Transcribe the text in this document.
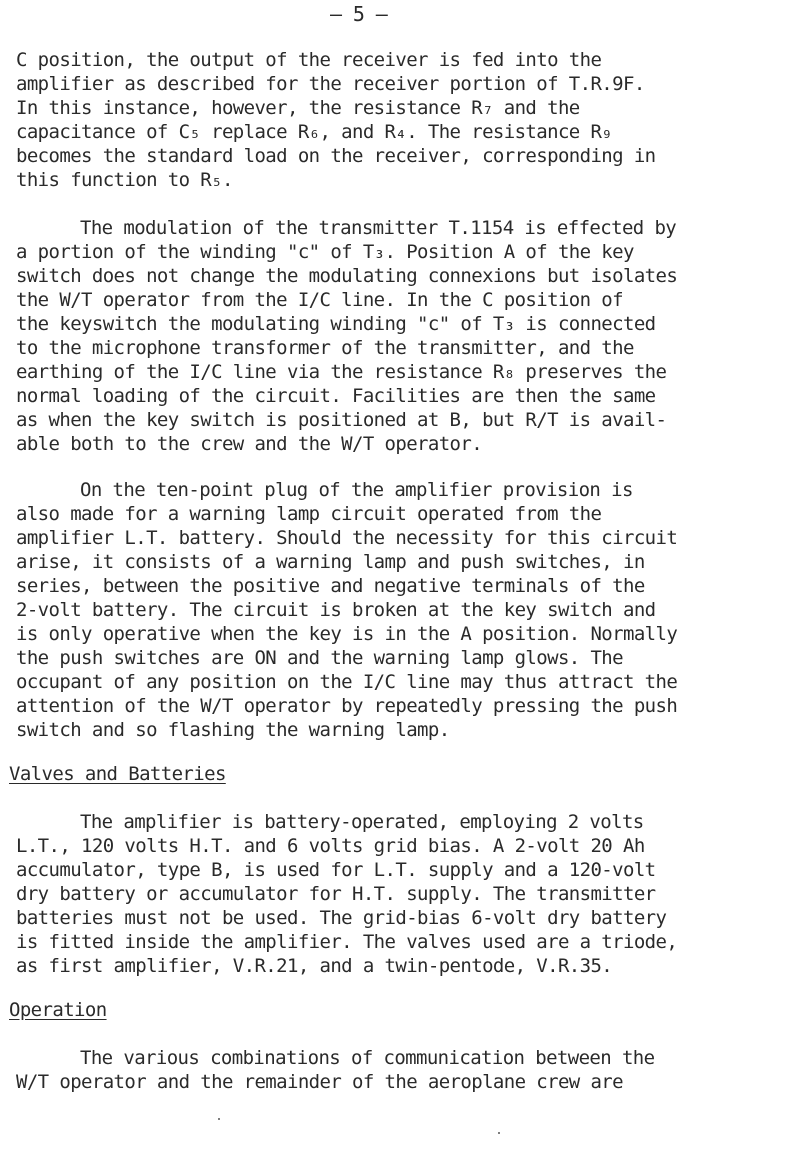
– 5 –
C position, the output of the receiver is fed into the
amplifier as described for the receiver portion of T.R.9F.
In this instance, however, the resistance R₇ and the
capacitance of C₅ replace R₆, and R₄. The resistance R₉
becomes the standard load on the receiver, corresponding in
this function to R₅.
The modulation of the transmitter T.1154 is effected by
a portion of the winding "c" of T₃. Position A of the key
switch does not change the modulating connexions but isolates
the W/T operator from the I/C line. In the C position of
the keyswitch the modulating winding "c" of T₃ is connected
to the microphone transformer of the transmitter, and the
earthing of the I/C line via the resistance R₈ preserves the
normal loading of the circuit. Facilities are then the same
as when the key switch is positioned at B, but R/T is avail-
able both to the crew and the W/T operator.
On the ten-point plug of the amplifier provision is
also made for a warning lamp circuit operated from the
amplifier L.T. battery. Should the necessity for this circuit
arise, it consists of a warning lamp and push switches, in
series, between the positive and negative terminals of the
2-volt battery. The circuit is broken at the key switch and
is only operative when the key is in the A position. Normally
the push switches are ON and the warning lamp glows. The
occupant of any position on the I/C line may thus attract the
attention of the W/T operator by repeatedly pressing the push
switch and so flashing the warning lamp.
Valves and Batteries
The amplifier is battery-operated, employing 2 volts
L.T., 120 volts H.T. and 6 volts grid bias. A 2-volt 20 Ah
accumulator, type B, is used for L.T. supply and a 120-volt
dry battery or accumulator for H.T. supply. The transmitter
batteries must not be used. The grid-bias 6-volt dry battery
is fitted inside the amplifier. The valves used are a triode,
as first amplifier, V.R.21, and a twin-pentode, V.R.35.
Operation
The various combinations of communication between the
W/T operator and the remainder of the aeroplane crew are
